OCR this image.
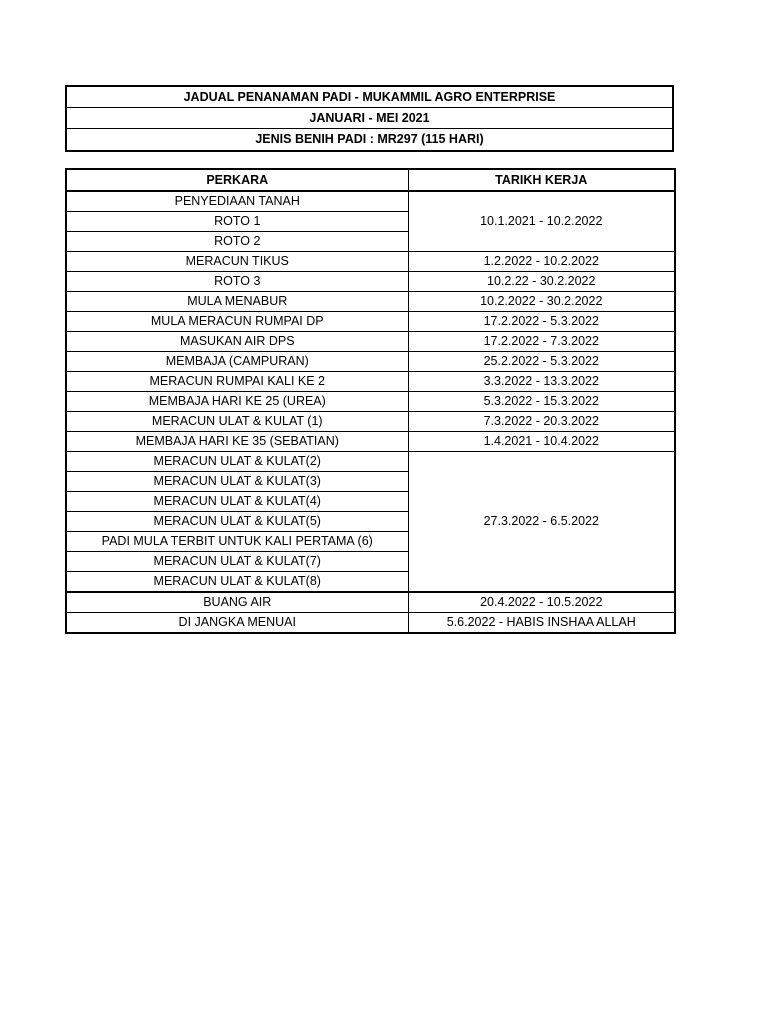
JADUAL PENANAMAN PADI - MUKAMMIL AGRO ENTERPRISE
JANUARI - MEI 2021
JENIS BENIH PADI : MR297 (115 HARI)
PERKARA	TARIKH KERJA
PENYEDIAAN TANAH	10.1.2021 - 10.2.2022
ROTO 1	
ROTO 2	
MERACUN TIKUS	1.2.2022 - 10.2.2022
ROTO 3	10.2.22 - 30.2.2022
MULA MENABUR	10.2.2022 - 30.2.2022
MULA MERACUN RUMPAI DP	17.2.2022 - 5.3.2022
MASUKAN AIR DPS	17.2.2022 - 7.3.2022
MEMBAJA (CAMPURAN)	25.2.2022 - 5.3.2022
MERACUN RUMPAI KALI KE 2	3.3.2022 - 13.3.2022
MEMBAJA HARI KE 25 (UREA)	5.3.2022 - 15.3.2022
MERACUN ULAT & KULAT (1)	7.3.2022 - 20.3.2022
MEMBAJA HARI KE 35 (SEBATIAN)	1.4.2021 - 10.4.2022
MERACUN ULAT & KULAT(2)	27.3.2022 - 6.5.2022
MERACUN ULAT & KULAT(3)	
MERACUN ULAT & KULAT(4)	
MERACUN ULAT & KULAT(5)	
PADI MULA TERBIT UNTUK KALI PERTAMA (6)	
MERACUN ULAT & KULAT(7)	
MERACUN ULAT & KULAT(8)	
BUANG AIR	20.4.2022 - 10.5.2022
DI JANGKA MENUAI	5.6.2022 - HABIS INSHAA ALLAH
